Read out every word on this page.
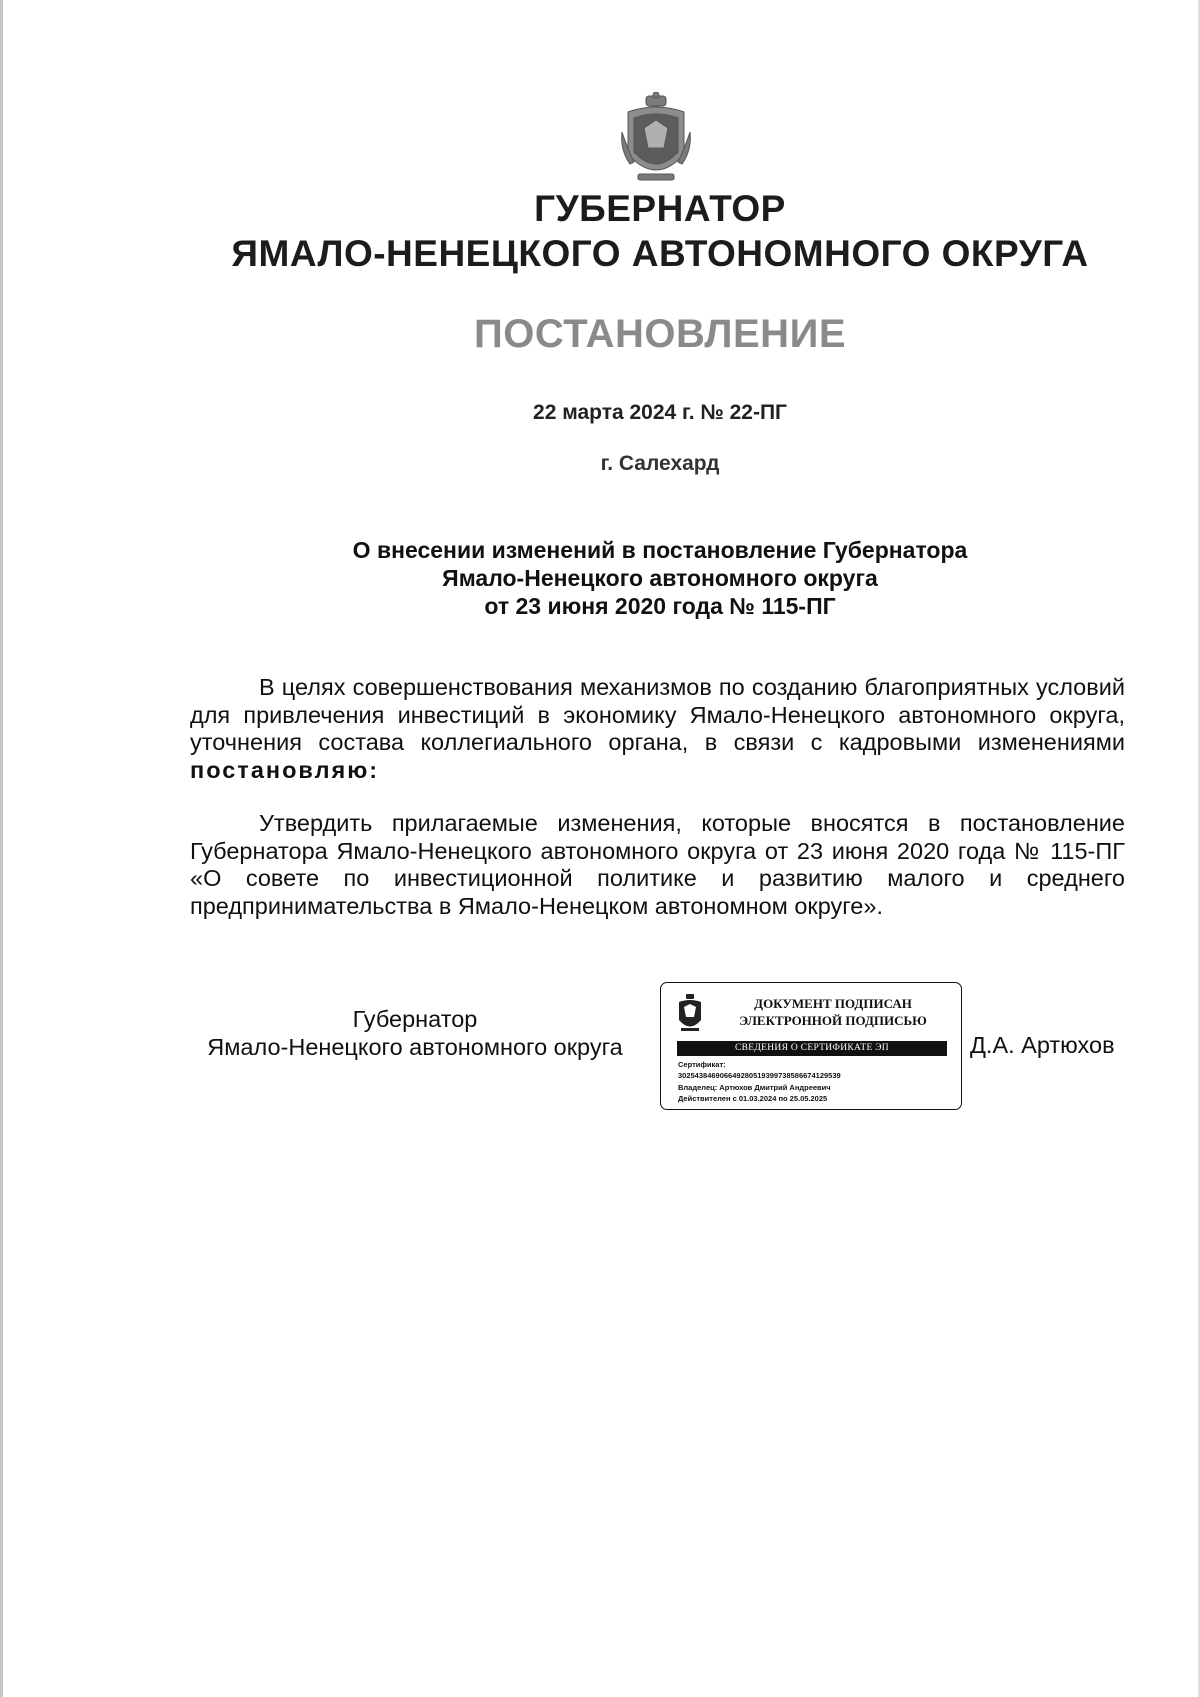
ГУБЕРНАТОР
ЯМАЛО-НЕНЕЦКОГО АВТОНОМНОГО ОКРУГА
ПОСТАНОВЛЕНИЕ
22 марта 2024 г. № 22-ПГ
г. Салехард
О внесении изменений в постановление Губернатора
Ямало-Ненецкого автономного округа
от 23 июня 2020 года № 115-ПГ
В целях совершенствования механизмов по созданию благоприятных условий для привлечения инвестиций в экономику Ямало-Ненецкого автономного округа, уточнения состава коллегиального органа, в связи с кадровыми изменениями постановляю:
Утвердить прилагаемые изменения, которые вносятся в постановление Губернатора Ямало-Ненецкого автономного округа от 23 июня 2020 года № 115-ПГ «О совете по инвестиционной политике и развитию малого и среднего предпринимательства в Ямало-Ненецком автономном округе».
Губернатор
Ямало-Ненецкого автономного округа
ДОКУМЕНТ ПОДПИСАН
ЭЛЕКТРОННОЙ ПОДПИСЬЮ
СВЕДЕНИЯ О СЕРТИФИКАТЕ ЭП
Сертификат:
3025438469066492805193997385866741295​39
Владелец: Артюхов Дмитрий Андреевич
Действителен с 01.03.2024 по 25.05.2025
Д.А. Артюхов
